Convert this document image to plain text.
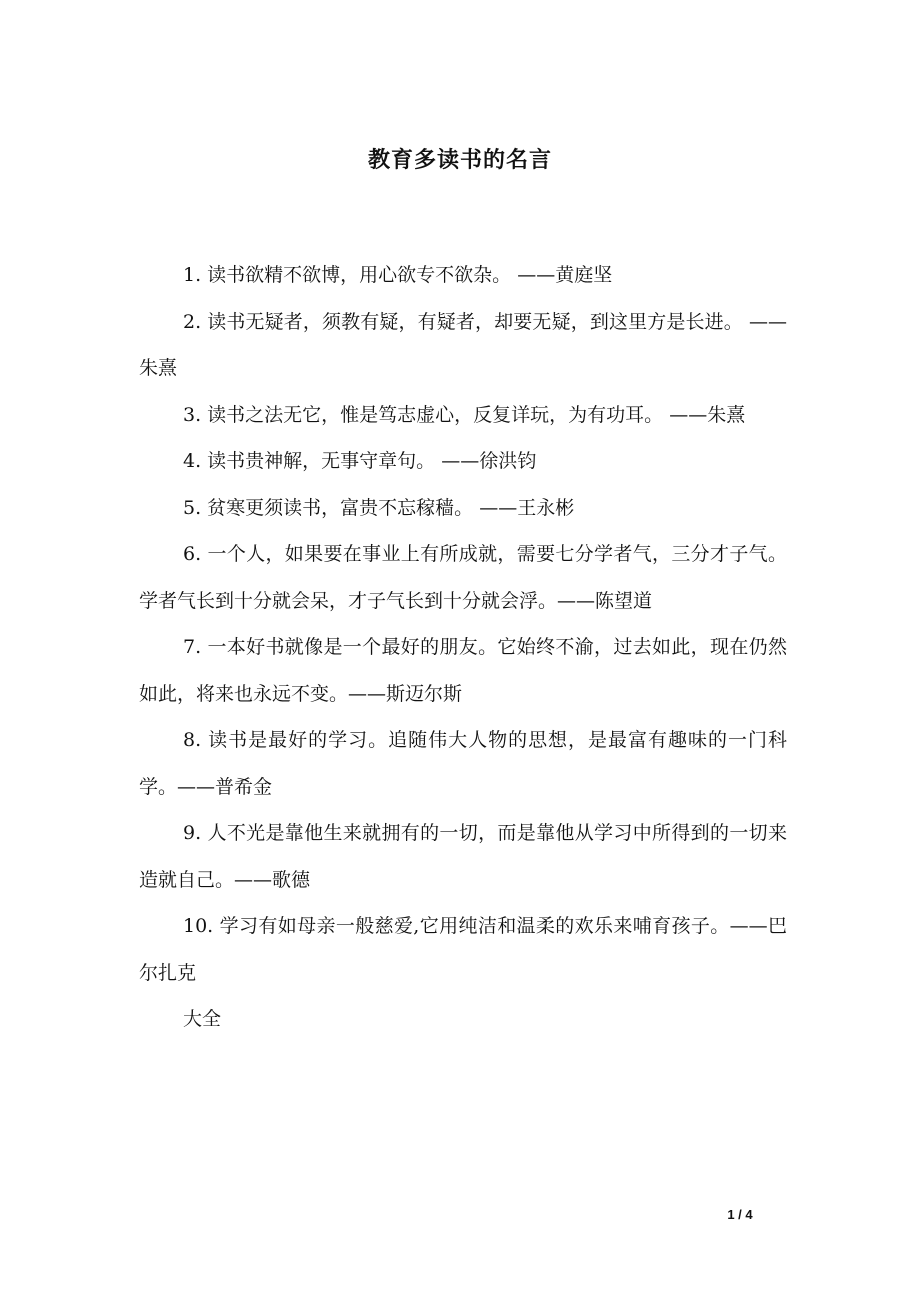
教育多读书的名言

1. 读书欲精不欲博，用心欲专不欲杂。 ——黄庭坚

2. 读书无疑者，须教有疑，有疑者，却要无疑，到这里方是长进。 ——朱熹

3. 读书之法无它，惟是笃志虚心，反复详玩，为有功耳。 ——朱熹

4. 读书贵神解，无事守章句。 ——徐洪钧

5. 贫寒更须读书，富贵不忘稼穑。 ——王永彬

6. 一个人，如果要在事业上有所成就，需要七分学者气，三分才子气。学者气长到十分就会呆，才子气长到十分就会浮。——陈望道

7. 一本好书就像是一个最好的朋友。它始终不渝，过去如此，现在仍然如此，将来也永远不变。——斯迈尔斯

8. 读书是最好的学习。追随伟大人物的思想，是最富有趣味的一门科学。——普希金

9. 人不光是靠他生来就拥有的一切，而是靠他从学习中所得到的一切来造就自己。——歌德

10. 学习有如母亲一般慈爱,它用纯洁和温柔的欢乐来哺育孩子。——巴尔扎克

大全

1 / 4
